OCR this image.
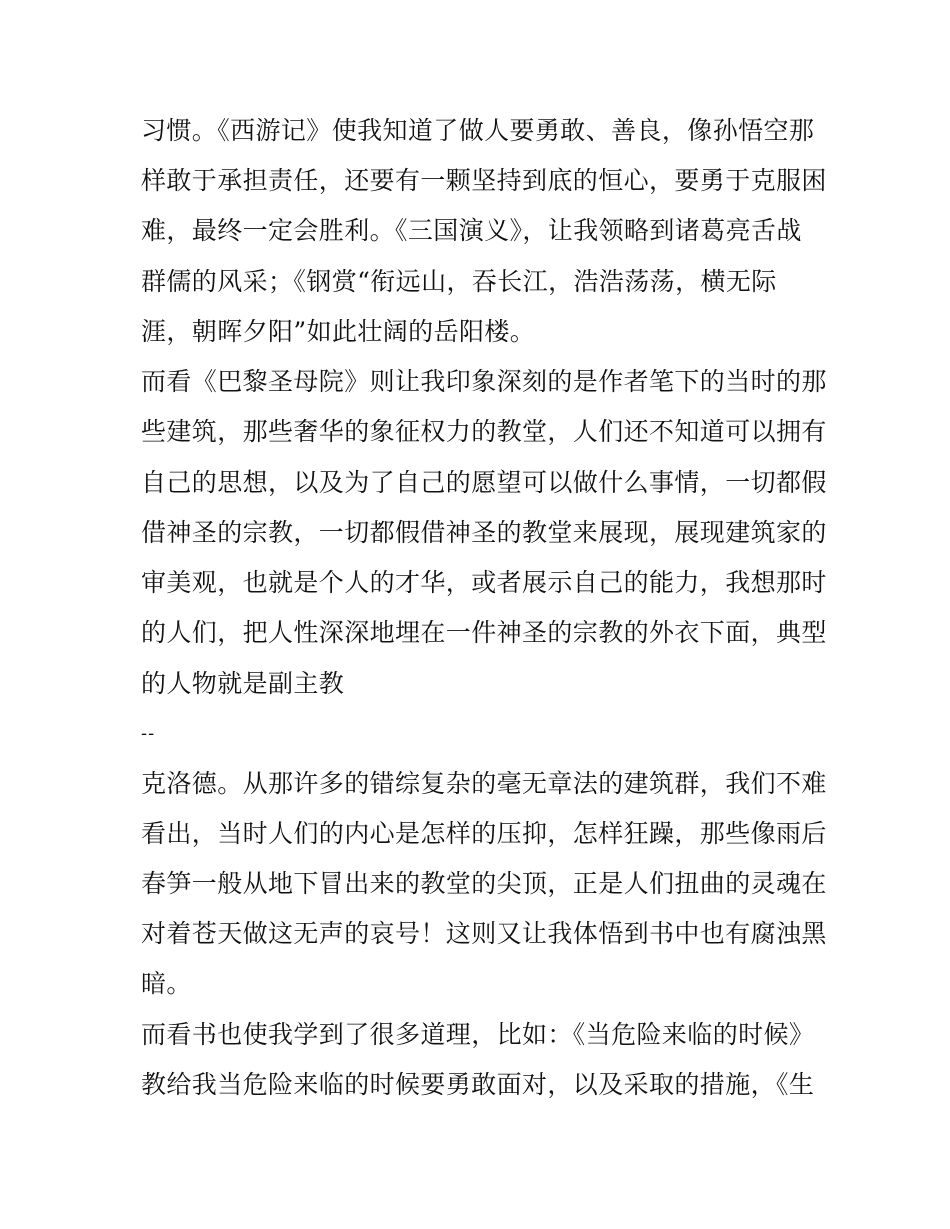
习惯。《西游记》使我知道了做人要勇敢、善良，像孙悟空那
样敢于承担责任，还要有一颗坚持到底的恒心，要勇于克服困
难，最终一定会胜利。《三国演义》，让我领略到诸葛亮舌战
群儒的风采；《钢赏“衔远山，吞长江，浩浩荡荡，横无际
涯，朝晖夕阳”如此壮阔的岳阳楼。
而看《巴黎圣母院》则让我印象深刻的是作者笔下的当时的那
些建筑，那些奢华的象征权力的教堂，人们还不知道可以拥有
自己的思想，以及为了自己的愿望可以做什么事情，一切都假
借神圣的宗教，一切都假借神圣的教堂来展现，展现建筑家的
审美观，也就是个人的才华，或者展示自己的能力，我想那时
的人们，把人性深深地埋在一件神圣的宗教的外衣下面，典型
的人物就是副主教
--
克洛德。从那许多的错综复杂的毫无章法的建筑群，我们不难
看出，当时人们的内心是怎样的压抑，怎样狂躁，那些像雨后
春笋一般从地下冒出来的教堂的尖顶，正是人们扭曲的灵魂在
对着苍天做这无声的哀号！这则又让我体悟到书中也有腐浊黑
暗。
而看书也使我学到了很多道理，比如：《当危险来临的时候》
教给我当危险来临的时候要勇敢面对，以及采取的措施，《生
